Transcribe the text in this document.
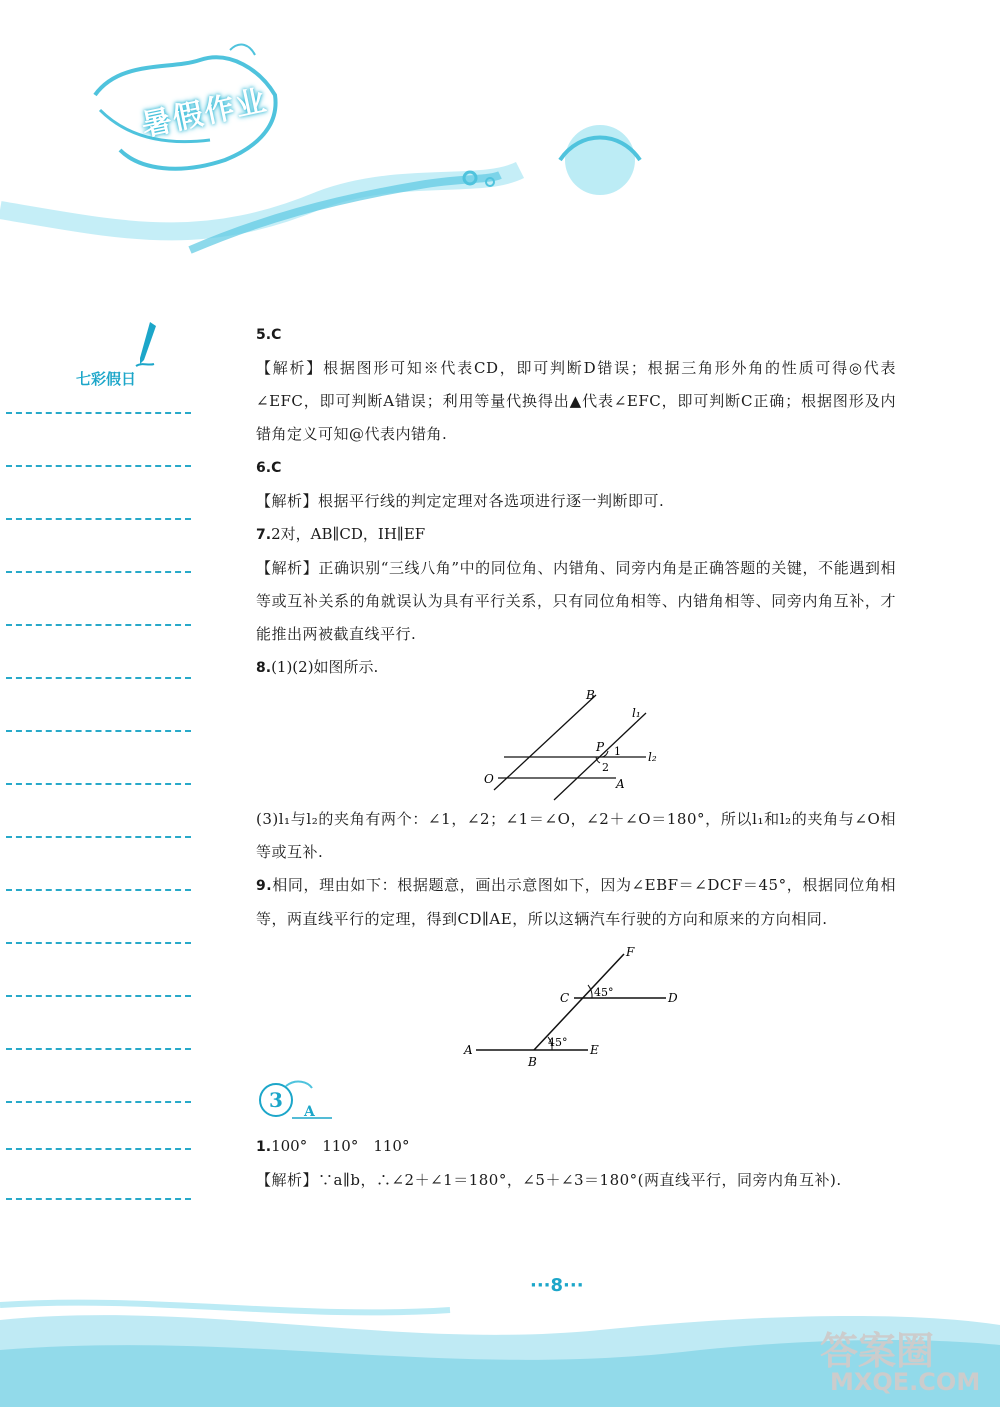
暑假作业
七彩假日
5.C
【解析】根据图形可知※代表CD，即可判断D错误；根据三角形外角的性质可得◎代表∠EFC，即可判断A错误；利用等量代换得出▲代表∠EFC，即可判断C正确；根据图形及内错角定义可知@代表内错角.
6.C
【解析】根据平行线的判定定理对各选项进行逐一判断即可.
7.2对，AB∥CD，IH∥EF
【解析】正确识别“三线八角”中的同位角、内错角、同旁内角是正确答题的关键，不能遇到相等或互补关系的角就误认为具有平行关系，只有同位角相等、内错角相等、同旁内角互补，才能推出两被截直线平行.
8.(1)(2)如图所示.
B
O	A
P
l₁
l₂
1
2
(3)l₁与l₂的夹角有两个：∠1，∠2；∠1＝∠O，∠2＋∠O＝180°，所以l₁和l₂的夹角与∠O相等或互补.
9.相同，理由如下：根据题意，画出示意图如下，因为∠EBF＝∠DCF＝45°，根据同位角相等，两直线平行的定理，得到CD∥AE，所以这辆汽车行驶的方向和原来的方向相同.
F
C	D
A
B
E
45°
45°
3 A
1.100°　110°　110°
【解析】∵a∥b，∴∠2＋∠1＝180°，∠5＋∠3＝180°(两直线平行，同旁内角互补).
···8···
答案圈
MXQE.COM
